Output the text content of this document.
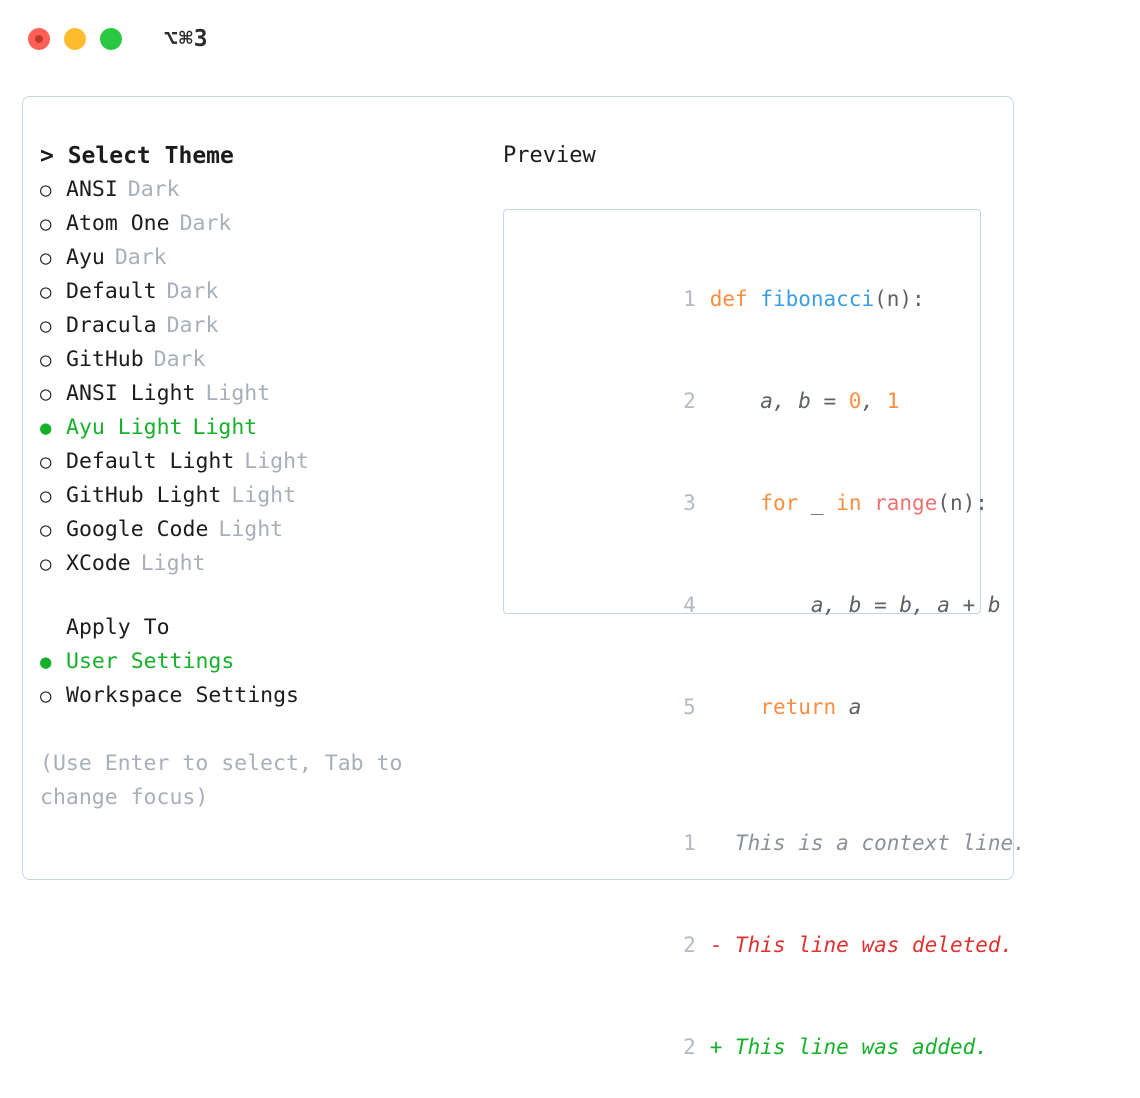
⌥⌘3
> Select Theme
○ ANSI Dark
○ Atom One Dark
○ Ayu Dark
○ Default Dark
○ Dracula Dark
○ GitHub Dark
○ ANSI Light Light
● Ayu Light Light
○ Default Light Light
○ GitHub Light Light
○ Google Code Light
○ XCode Light
Apply To
● User Settings
○ Workspace Settings
(Use Enter to select, Tab to change focus)
Preview

1 def fibonacci(n):

2    a, b = 0, 1

3	for _ in range(n):

4        a, b = b, a + b

5	return a

1  This is a context line.

2 - This line was deleted.

2 + This line was added.
